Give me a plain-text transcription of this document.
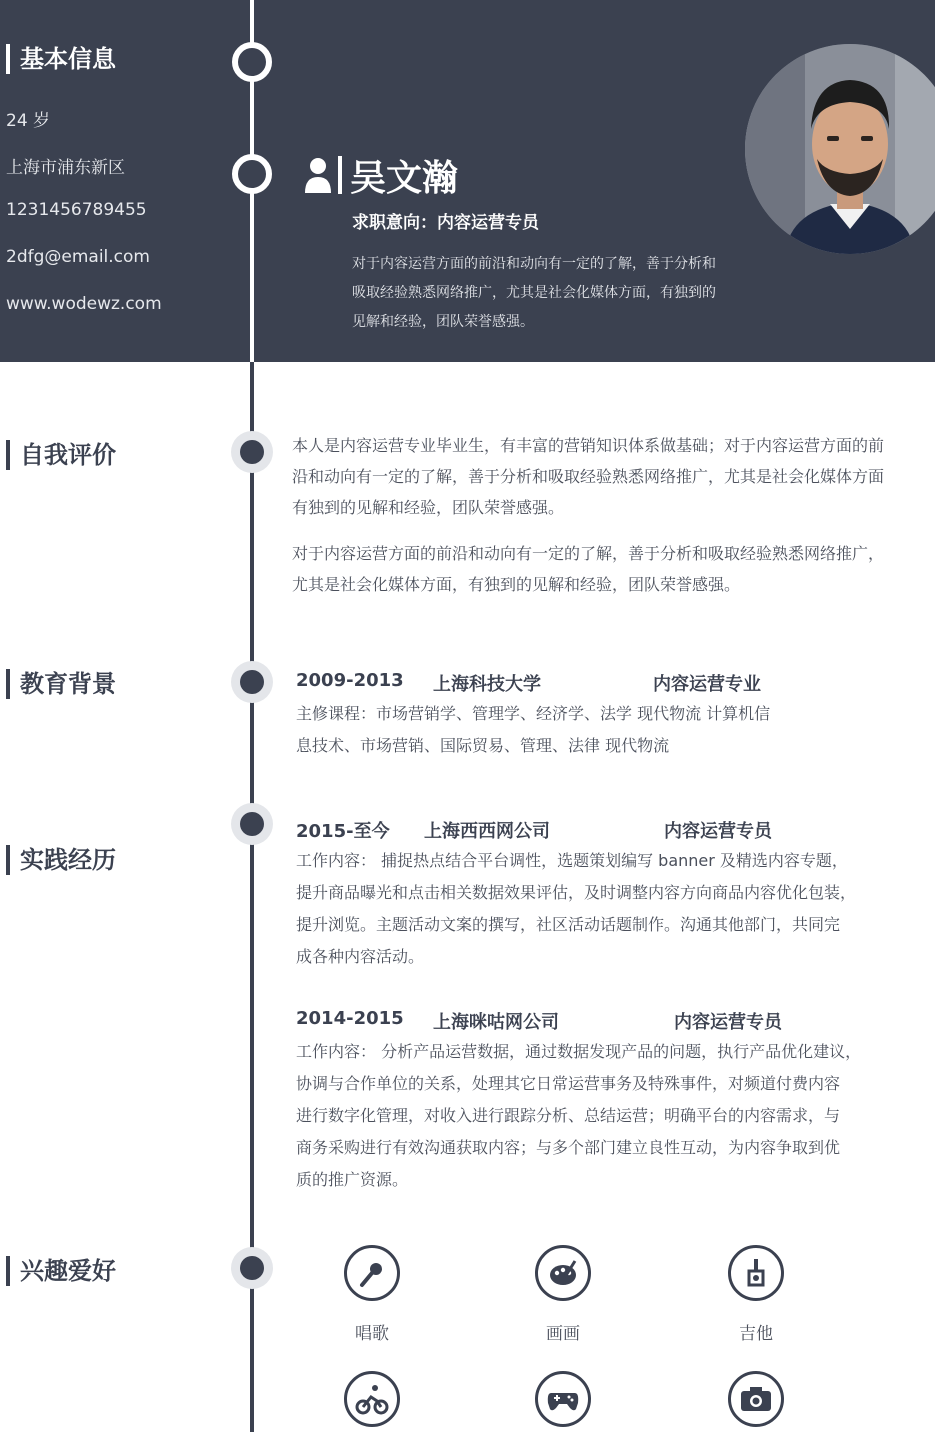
基本信息
24 岁
上海市浦东新区
1231456789455
2dfg@email.com
www.wodewz.com
吴文瀚
求职意向：内容运营专员
对于内容运营方面的前沿和动向有一定的了解，善于分析和
吸取经验熟悉网络推广，尤其是社会化媒体方面，有独到的
见解和经验，团队荣誉感强。
自我评价	本人是内容运营专业毕业生，有丰富的营销知识体系做基础；对于内容运营方面的前
沿和动向有一定的了解，善于分析和吸取经验熟悉网络推广，尤其是社会化媒体方面
有独到的见解和经验，团队荣誉感强。
对于内容运营方面的前沿和动向有一定的了解，善于分析和吸取经验熟悉网络推广，
尤其是社会化媒体方面，有独到的见解和经验，团队荣誉感强。
教育背景	2009-2013 上海科技大学	内容运营专业
主修课程：市场营销学、管理学、经济学、法学 现代物流 计算机信
息技术、市场营销、国际贸易、管理、法律 现代物流
实践经历
2015-至今 上海西西网公司	内容运营专员
工作内容： 捕捉热点结合平台调性，选题策划编写 banner 及精选内容专题，
提升商品曝光和点击相关数据效果评估，及时调整内容方向商品内容优化包装，
提升浏览。主题活动文案的撰写，社区活动话题制作。沟通其他部门，共同完
成各种内容活动。
2014-2015 上海咪咕网公司	内容运营专员
工作内容： 分析产品运营数据，通过数据发现产品的问题，执行产品优化建议，
协调与合作单位的关系，处理其它日常运营事务及特殊事件，对频道付费内容
进行数字化管理，对收入进行跟踪分析、总结运营；明确平台的内容需求，与
商务采购进行有效沟通获取内容；与多个部门建立良性互动，为内容争取到优
质的推广资源。
兴趣爱好
唱歌	画画	吉他
